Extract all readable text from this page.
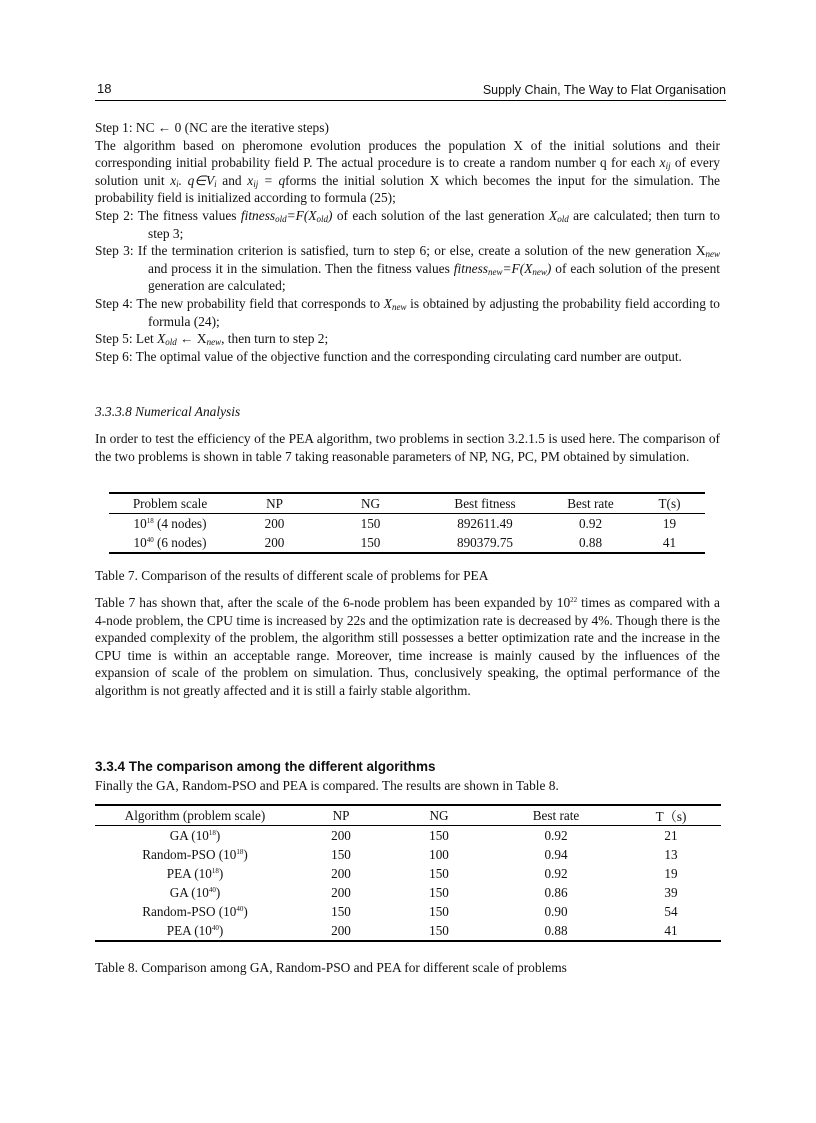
18	Supply Chain, The Way to Flat Organisation

Step 1: NC ← 0 (NC are the iterative steps)

The algorithm based on pheromone evolution produces the population X of the initial solutions and their corresponding initial probability field P. The actual procedure is to create a random number q for each $x_{ij}$ of every solution unit $x_i$. $q\in V_i$ and $x_{ij}$ = qforms the initial solution X which becomes the input for the simulation. The probability field is initialized according to formula (25);

Step 2: The fitness values $fitness_{old}=F(X_{old})$ of each solution of the last generation $X_{old}$ are calculated; then turn to step 3;

Step 3: If the termination criterion is satisfied, turn to step 6; or else, create a solution of the new generation $X_{new}$ and process it in the simulation. Then the fitness values $fitness_{new}=F(X_{new})$ of each solution of the present generation are calculated;

Step 4: The new probability field that corresponds to $X_{new}$ is obtained by adjusting the probability field according to formula (24);

Step 5: Let $X_{old}$ ← $X_{new}$, then turn to step 2;

Step 6: The optimal value of the objective function and the corresponding circulating card number are output.

3.3.3.8 Numerical Analysis

In order to test the efficiency of the PEA algorithm, two problems in section 3.2.1.5 is used here. The comparison of the two problems is shown in table 7 taking reasonable parameters of NP, NG, PC, PM obtained by simulation.

Problem scale	NP	NG	Best fitness	Best rate	T(s)
$10^{18}$ (4 nodes)	200	150	892611.49	0.92	19
$10^{40}$ (6 nodes)	200	150	890379.75	0.88	41
Table 7. Comparison of the results of different scale of problems for PEA

Table 7 has shown that, after the scale of the 6-node problem has been expanded by $10^{22}$ times as compared with a 4-node problem, the CPU time is increased by 22s and the optimization rate is decreased by 4%. Though there is the expanded complexity of the problem, the algorithm still possesses a better optimization rate and the increase in the CPU time is within an acceptable range. Moreover, time increase is mainly caused by the influences of the expansion of scale of the problem on simulation. Thus, conclusively speaking, the optimal performance of the algorithm is not greatly affected and it is still a fairly stable algorithm.

3.3.4 The comparison among the different algorithms

Finally the GA, Random-PSO and PEA is compared. The results are shown in Table 8.

Algorithm (problem scale)	NP	NG	Best rate	T（s)
GA $(10^{18})$	200	150	0.92	21
Random-PSO $(10^{18})$	150	100	0.94	13
PEA $(10^{18})$	200	150	0.92	19
GA $(10^{40})$	200	150	0.86	39
Random-PSO $(10^{40})$	150	150	0.90	54
PEA $(10^{40})$	200	150	0.88	41
Table 8. Comparison among GA, Random-PSO and PEA for different scale of problems
